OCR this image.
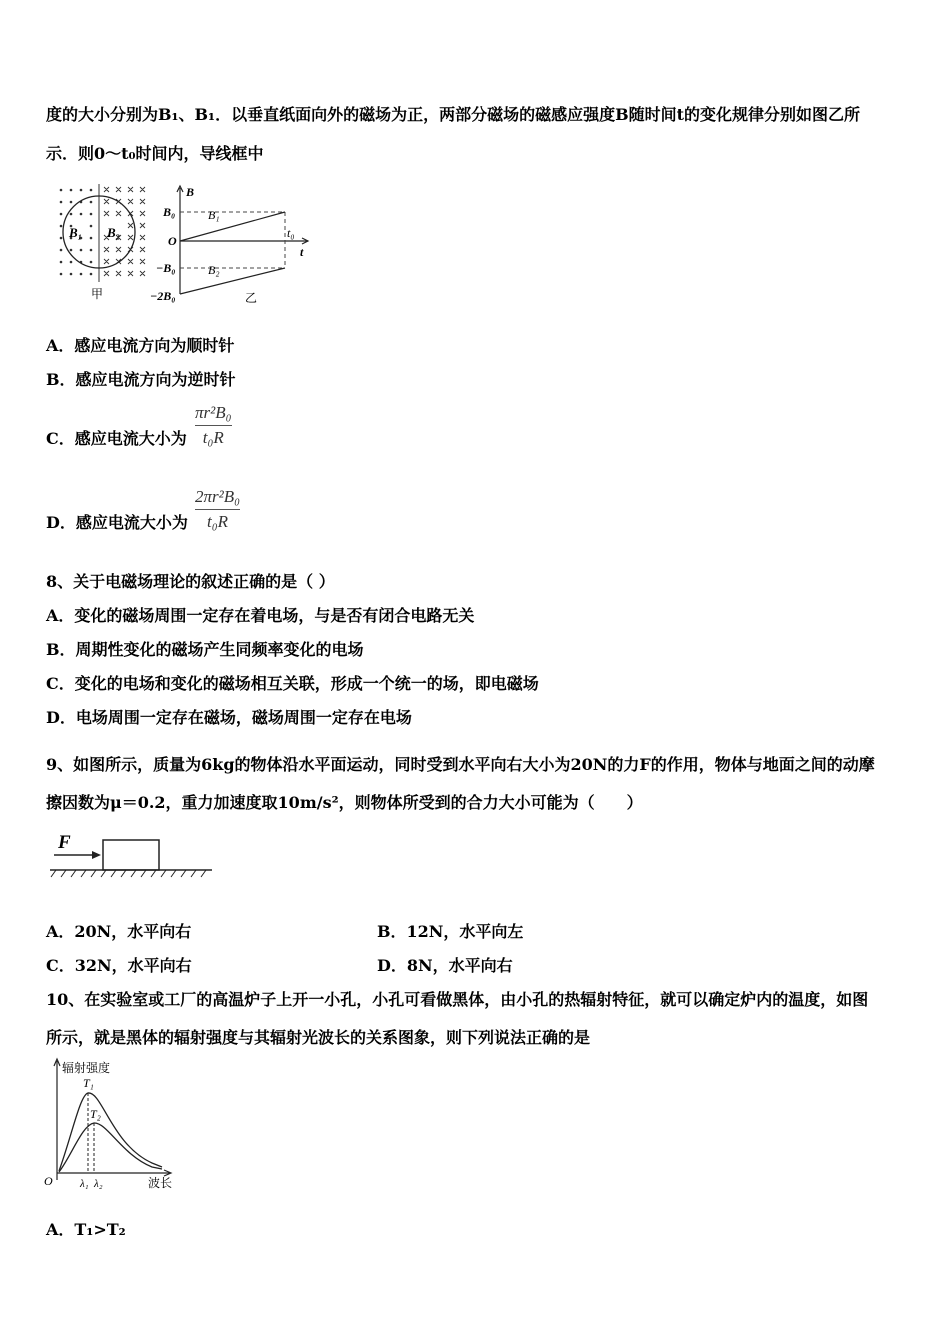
度的大小分别为B₁、B₁．以垂直纸面向外的磁场为正，两部分磁场的磁感应强度B随时间t的变化规律分别如图乙所
示．则0～t₀时间内，导线框中
B₁ B₂
甲
B
t
O
B₀
−B₀
−2B₀
t₀
B₁
B₂
乙
A．感应电流方向为顺时针
B．感应电流方向为逆时针
C．感应电流大小为
πr²B₀
t₀R
D．感应电流大小为
2πr²B₀
t₀R
8、关于电磁场理论的叙述正确的是（ ）
A．变化的磁场周围一定存在着电场，与是否有闭合电路无关
B．周期性变化的磁场产生同频率变化的电场
C．变化的电场和变化的磁场相互关联，形成一个统一的场，即电磁场
D．电场周围一定存在磁场，磁场周围一定存在电场
9、如图所示，质量为6kg的物体沿水平面运动，同时受到水平向右大小为20N的力F的作用，物体与地面之间的动摩
擦因数为μ＝0.2，重力加速度取10m/s²，则物体所受到的合力大小可能为（　　）
F
A．20N，水平向右	B．12N，水平向左
C．32N，水平向右	D．8N，水平向右
10、在实验室或工厂的高温炉子上开一小孔，小孔可看做黑体，由小孔的热辐射特征，就可以确定炉内的温度，如图
所示，就是黑体的辐射强度与其辐射光波长的关系图象，则下列说法正确的是
辐射强度
T₁
T₂
O λ₁ λ₂	波长
A．T₁>T₂
